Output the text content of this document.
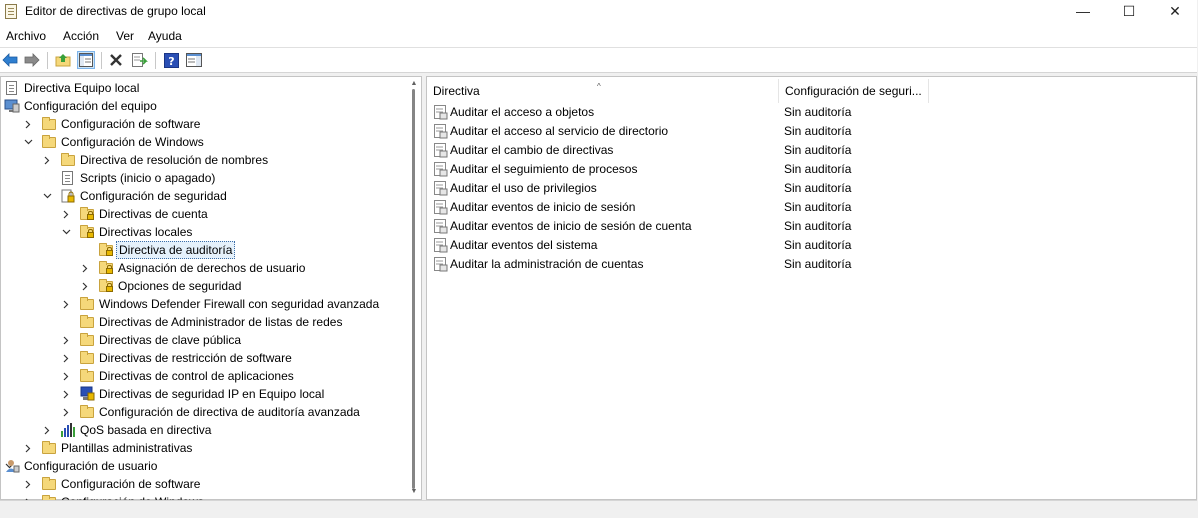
Editor de directivas de grupo local	—	☐	✕
Archivo Acción Ver Ayuda
?
▲
▼
Directiva Equipo local
Configuración del equipo
Configuración de software
Configuración de Windows
Directiva de resolución de nombres
Scripts (inicio o apagado)
Configuración de seguridad
Directivas de cuenta
Directivas locales
Directiva de auditoría
Asignación de derechos de usuario
Opciones de seguridad
Windows Defender Firewall con seguridad avanzada
Directivas de Administrador de listas de redes
Directivas de clave pública
Directivas de restricción de software
Directivas de control de aplicaciones
Directivas de seguridad IP en Equipo local
Configuración de directiva de auditoría avanzada
QoS basada en directiva
Plantillas administrativas
Configuración de usuario
Configuración de software
Directiva	^	Configuración de seguri...
Auditar el acceso a objetos	Sin auditoría
Auditar el acceso al servicio de directorio	Sin auditoría
Auditar el cambio de directivas	Sin auditoría
Auditar el seguimiento de procesos	Sin auditoría
Auditar el uso de privilegios	Sin auditoría
Auditar eventos de inicio de sesión	Sin auditoría
Auditar eventos de inicio de sesión de cuenta	Sin auditoría
Auditar eventos del sistema	Sin auditoría
Auditar la administración de cuentas	Sin auditoría
